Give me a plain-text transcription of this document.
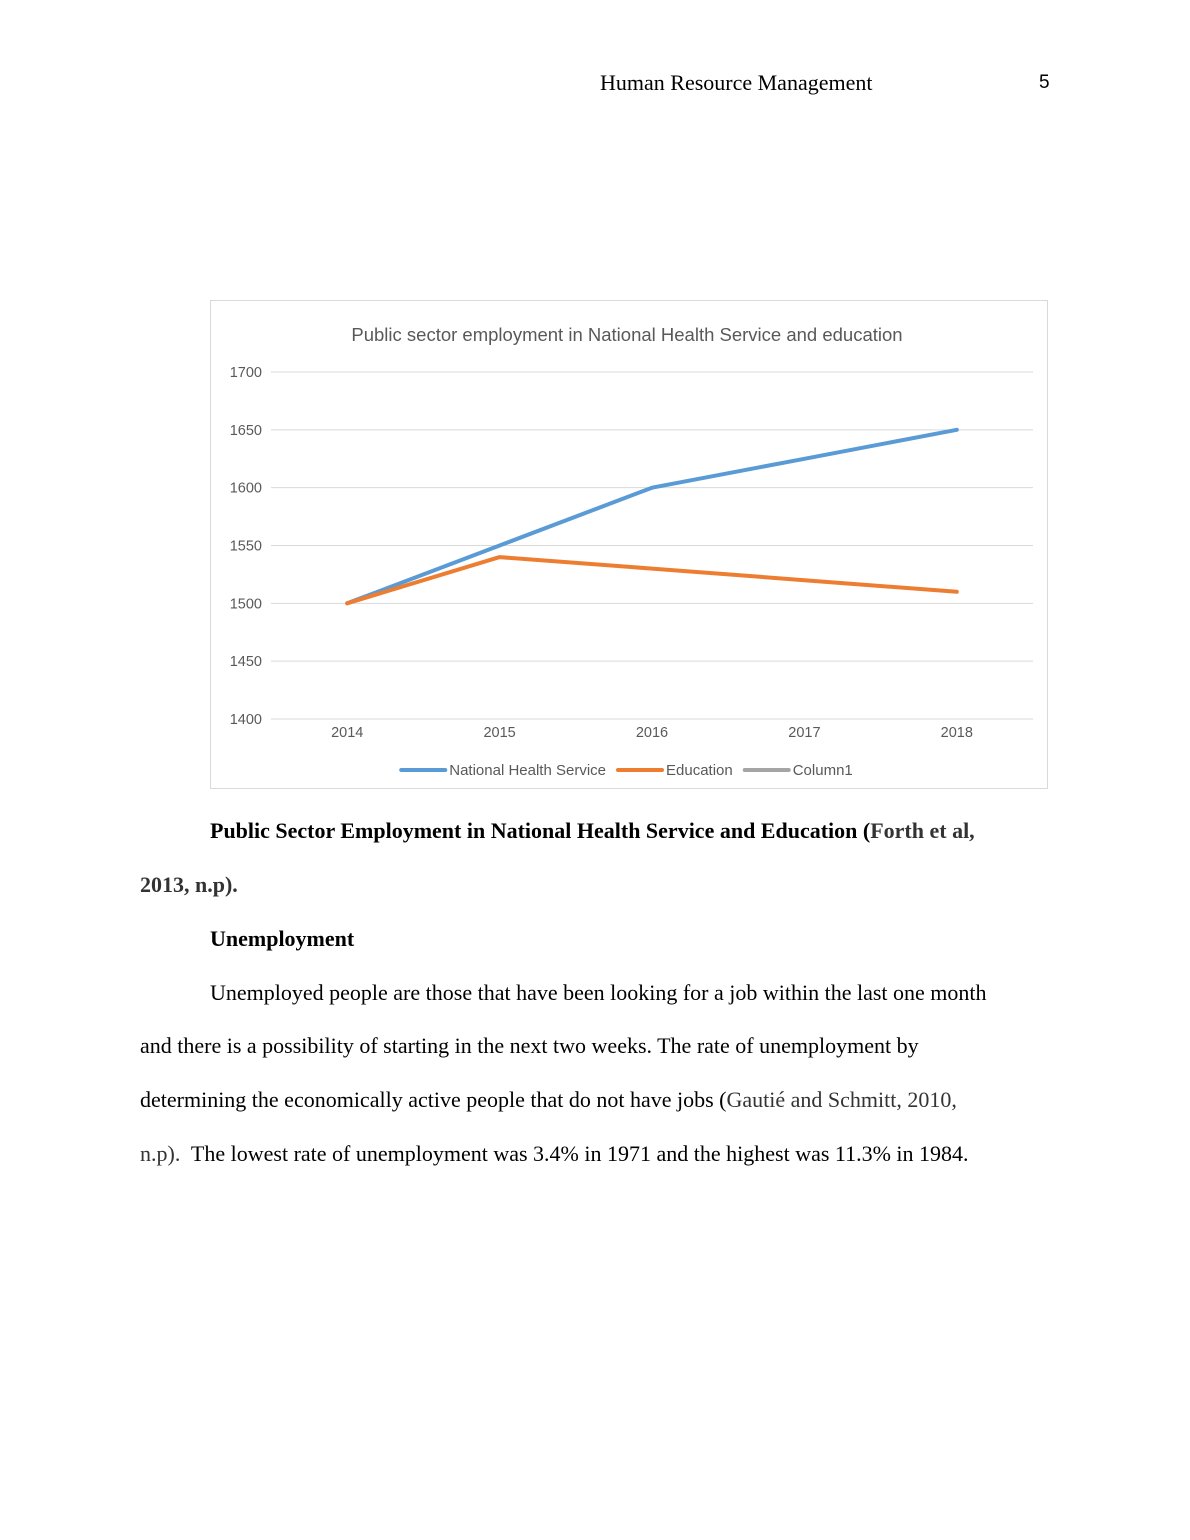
Human Resource Management	5
Public sector employment in National Health Service and education
1400
1450
1500
1550
1600
1650
1700
2014	2015	2016	2017	2018
National Health Service	Education	Column1
Public Sector Employment in National Health Service and Education (Forth et al,
2013, n.p).
Unemployment
Unemployed people are those that have been looking for a job within the last one month
and there is a possibility of starting in the next two weeks. The rate of unemployment by
determining the economically active people that do not have jobs (Gautié and Schmitt, 2010,
n.p).  The lowest rate of unemployment was 3.4% in 1971 and the highest was 11.3% in 1984.
